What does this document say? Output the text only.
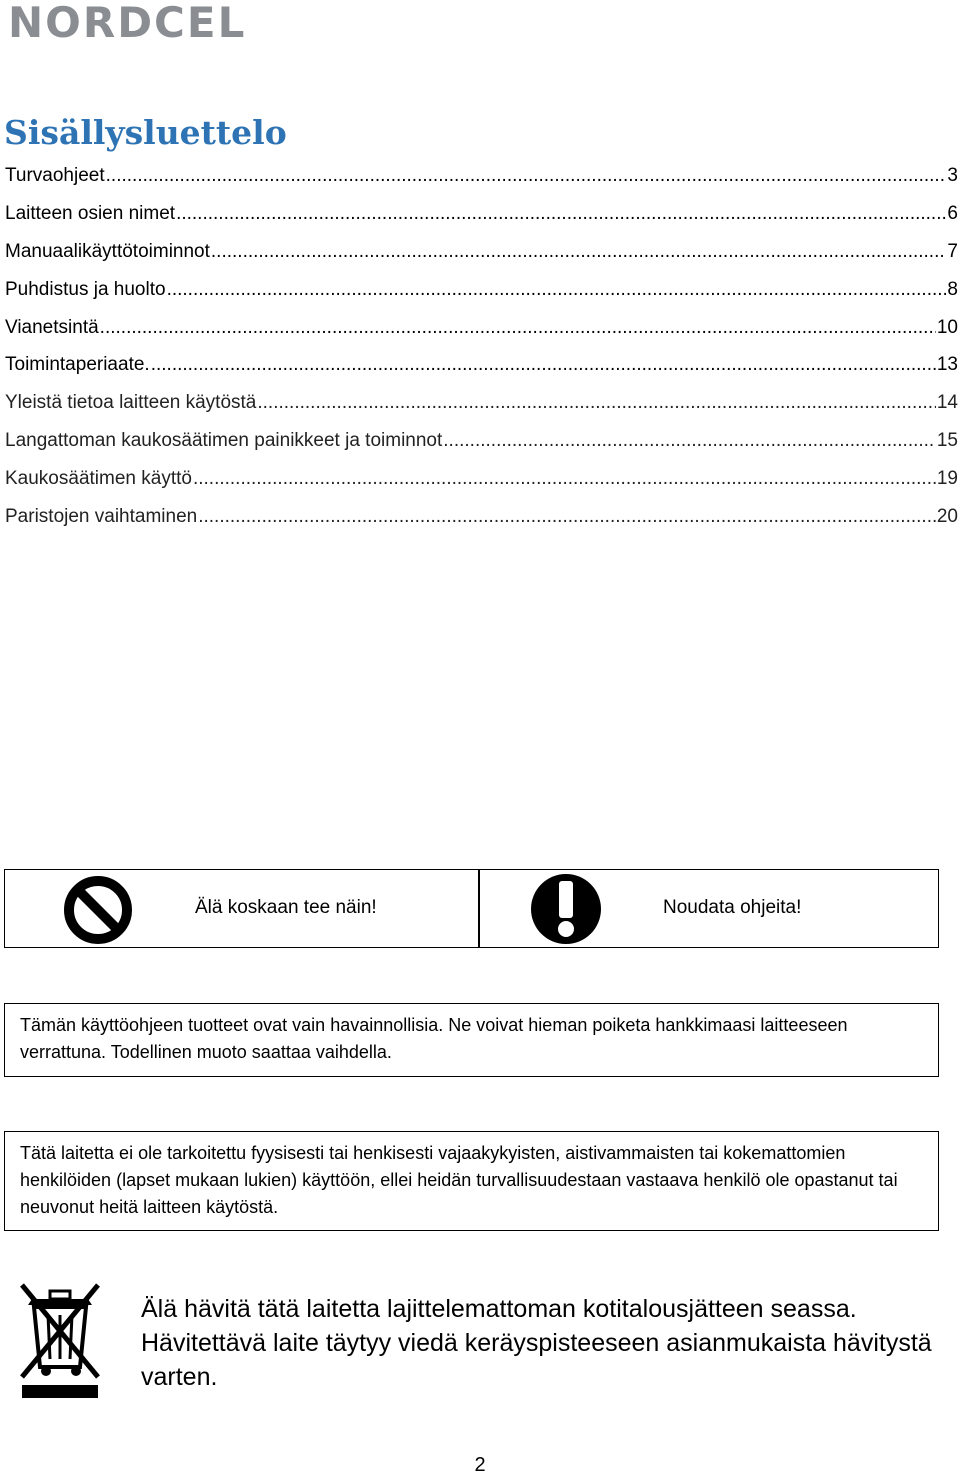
NORDCEL
Sisällysluettelo
Turvaohjeet .....	3
Laitteen osien nimet .....	6
Manuaalikäyttötoiminnot .....	7
Puhdistus ja huolto .....	8
Vianetsintä .....	10
Toimintaperiaate. .....	13
Yleistä tietoa laitteen käytöstä .....	14
Langattoman kaukosäätimen painikkeet ja toiminnot .....	15
Kaukosäätimen käyttö .....	19
Paristojen vaihtaminen .....	20
Älä koskaan tee näin!	Noudata ohjeita!
Tämän käyttöohjeen tuotteet ovat vain havainnollisia. Ne voivat hieman poiketa hankkimaasi laitteeseen verrattuna. Todellinen muoto saattaa vaihdella.
Tätä laitetta ei ole tarkoitettu fyysisesti tai henkisesti vajaakykyisten, aistivammaisten tai kokemattomien henkilöiden (lapset mukaan lukien) käyttöön, ellei heidän turvallisuudestaan vastaava henkilö ole opastanut tai neuvonut heitä laitteen käytöstä.
Älä hävitä tätä laitetta lajittelemattoman kotitalousjätteen seassa. Hävitettävä laite täytyy viedä keräyspisteeseen asianmukaista hävitystä varten.
2
